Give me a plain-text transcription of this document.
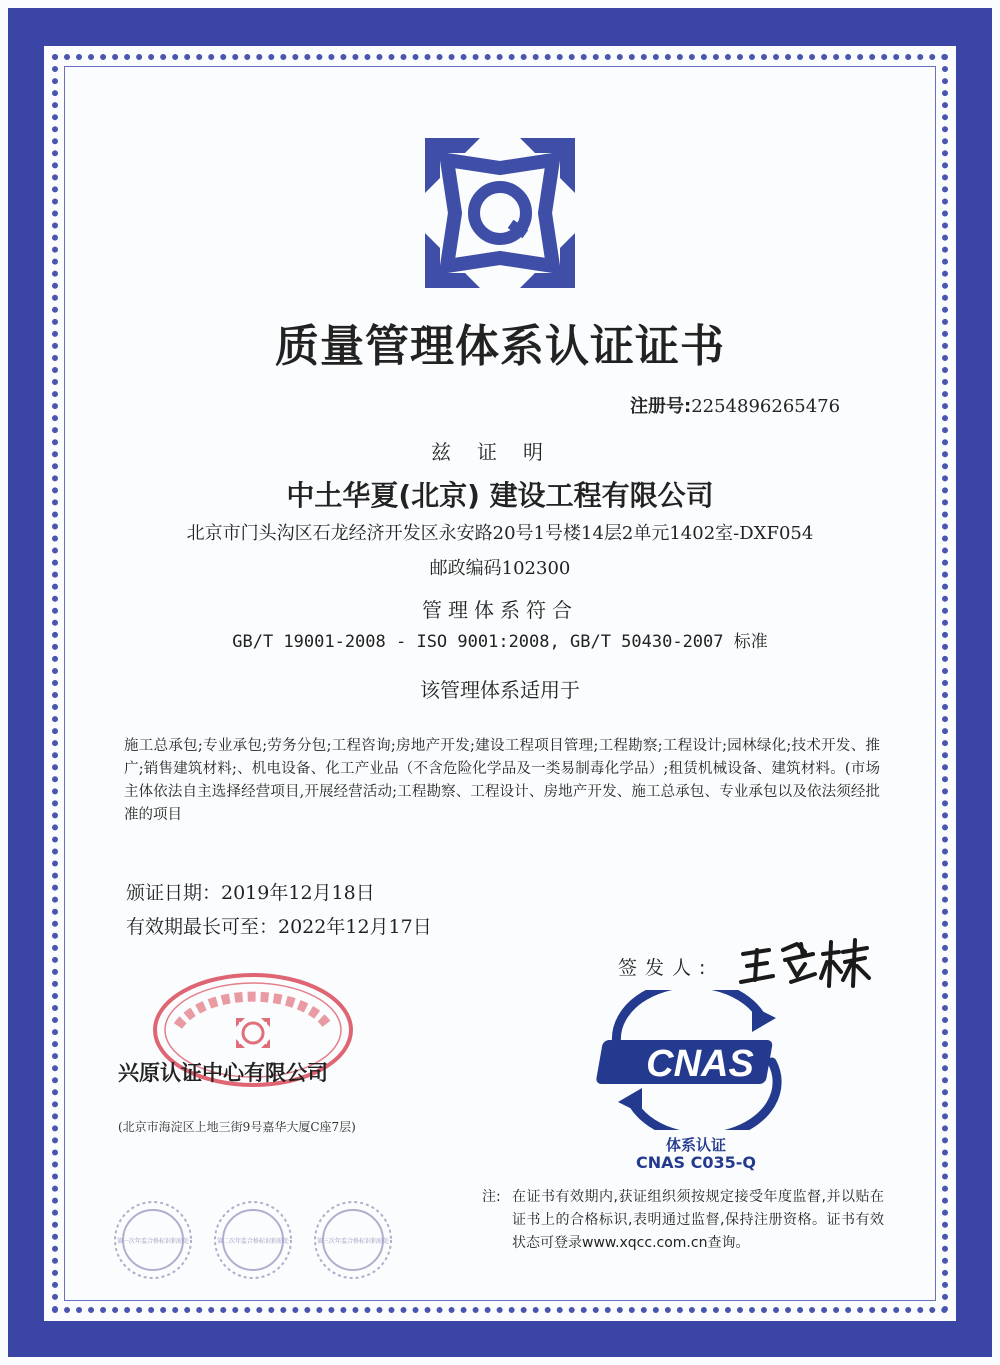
质量管理体系认证证书
注册号:2254896265476
兹证明
中土华夏(北京) 建设工程有限公司
北京市门头沟区石龙经济开发区永安路20号1号楼14层2单元1402室-DXF054
邮政编码102300
管理体系符合
GB/T 19001-2008 - ISO 9001:2008, GB/T 50430-2007 标准
该管理体系适用于
施工总承包;专业承包;劳务分包;工程咨询;房地产开发;建设工程项目管理;工程勘察;工程设计;园林绿化;技术开发、推广;销售建筑材料;、机电设备、化工产业品（不含危险化学品及一类易制毒化学品）;租赁机械设备、建筑材料。(市场主体依法自主选择经营项目,开展经营活动;工程勘察、工程设计、房地产开发、施工总承包、专业承包以及依法须经批准的项目
颁证日期：2019年12月18日
有效期最长可至：2022年12月17日
签发人:
兴原认证中心有限公司
(北京市海淀区上地三街9号嘉华大厦C座7层)
CNAS
体系认证
CNAS C035-Q
第一次年监合格标识粘贴处	第二次年监合格标识粘贴处	第三次年监合格标识粘贴处
注: 在证书有效期内,获证组织须按规定接受年度监督,并以贴在证书上的合格标识,表明通过监督,保持注册资格。证书有效状态可登录www.xqcc.com.cn查询。
